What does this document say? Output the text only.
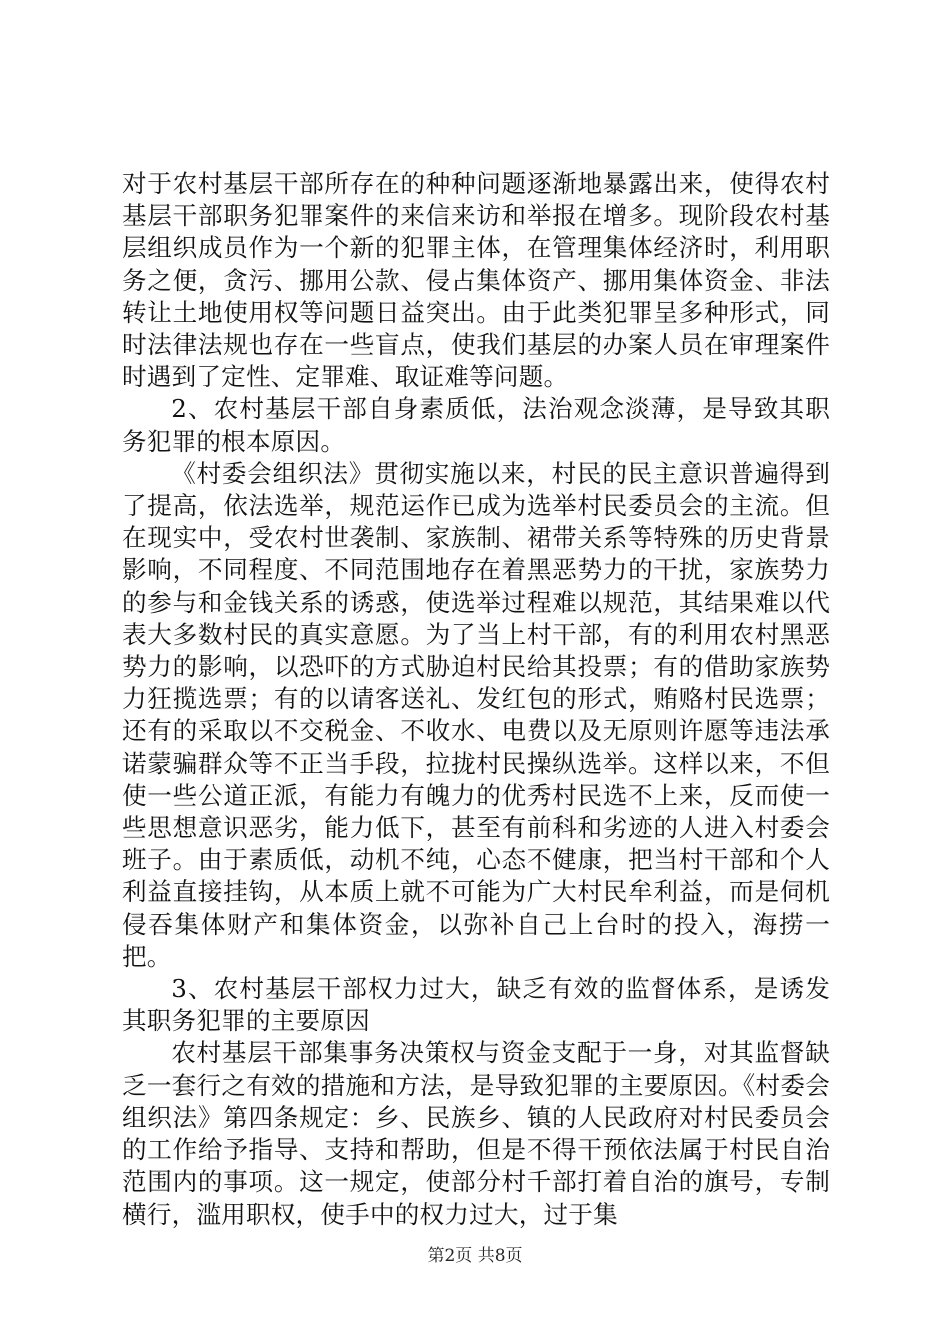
对于农村基层干部所存在的种种问题逐渐地暴露出来，使得农村基层干部职务犯罪案件的来信来访和举报在增多。现阶段农村基层组织成员作为一个新的犯罪主体，在管理集体经济时，利用职务之便，贪污、挪用公款、侵占集体资产、挪用集体资金、非法转让土地使用权等问题日益突出。由于此类犯罪呈多种形式，同时法律法规也存在一些盲点，使我们基层的办案人员在审理案件时遇到了定性、定罪难、取证难等问题。

2、农村基层干部自身素质低，法治观念淡薄，是导致其职务犯罪的根本原因。

《村委会组织法》贯彻实施以来，村民的民主意识普遍得到了提高，依法选举，规范运作已成为选举村民委员会的主流。但在现实中，受农村世袭制、家族制、裙带关系等特殊的历史背景影响，不同程度、不同范围地存在着黑恶势力的干扰，家族势力的参与和金钱关系的诱惑，使选举过程难以规范，其结果难以代表大多数村民的真实意愿。为了当上村干部，有的利用农村黑恶势力的影响，以恐吓的方式胁迫村民给其投票；有的借助家族势力狂揽选票；有的以请客送礼、发红包的形式，贿赂村民选票；还有的采取以不交税金、不收水、电费以及无原则许愿等违法承诺蒙骗群众等不正当手段，拉拢村民操纵选举。这样以来，不但使一些公道正派，有能力有魄力的优秀村民选不上来，反而使一些思想意识恶劣，能力低下，甚至有前科和劣迹的人进入村委会班子。由于素质低，动机不纯，心态不健康，把当村干部和个人利益直接挂钩，从本质上就不可能为广大村民牟利益，而是伺机侵吞集体财产和集体资金，以弥补自己上台时的投入，海捞一把。

3、农村基层干部权力过大，缺乏有效的监督体系，是诱发其职务犯罪的主要原因

农村基层干部集事务决策权与资金支配于一身，对其监督缺乏一套行之有效的措施和方法，是导致犯罪的主要原因。《村委会组织法》第四条规定：乡、民族乡、镇的人民政府对村民委员会的工作给予指导、支持和帮助，但是不得干预依法属于村民自治范围内的事项。这一规定，使部分村千部打着自治的旗号，专制横行，滥用职权，使手中的权力过大，过于集

第2页 共8页
